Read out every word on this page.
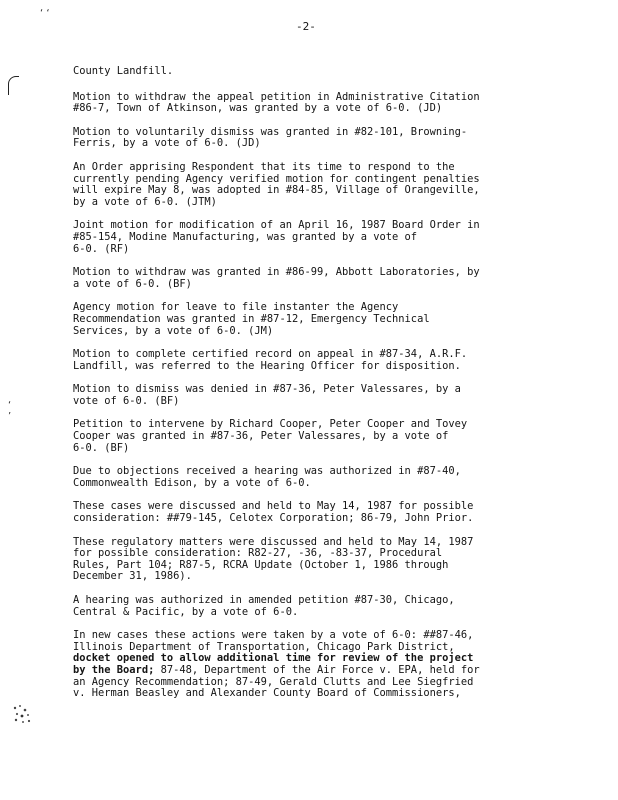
‘ ‘
‘
’
-2-

County Landfill.

Motion to withdraw the appeal petition in Administrative Citation
#86-7, Town of Atkinson, was granted by a vote of 6-0. (JD)

Motion to voluntarily dismiss was granted in #82-101, Browning-
Ferris, by a vote of 6-0. (JD)

An Order apprising Respondent that its time to respond to the
currently pending Agency verified motion for contingent penalties
will expire May 8, was adopted in #84-85, Village of Orangeville,
by a vote of 6-0. (JTM)

Joint motion for modification of an April 16, 1987 Board Order in
#85-154, Modine Manufacturing, was granted by a vote of
6-0. (RF)

Motion to withdraw was granted in #86-99, Abbott Laboratories, by
a vote of 6-0. (BF)

Agency motion for leave to file instanter the Agency
Recommendation was granted in #87-12, Emergency Technical
Services, by a vote of 6-0. (JM)

Motion to complete certified record on appeal in #87-34, A.R.F.
Landfill, was referred to the Hearing Officer for disposition.

Motion to dismiss was denied in #87-36, Peter Valessares, by a
vote of 6-0. (BF)

Petition to intervene by Richard Cooper, Peter Cooper and Tovey
Cooper was granted in #87-36, Peter Valessares, by a vote of
6-0. (BF)

Due to objections received a hearing was authorized in #87-40,
Commonwealth Edison, by a vote of 6-0.

These cases were discussed and held to May 14, 1987 for possible
consideration: ##79-145, Celotex Corporation; 86-79, John Prior.

These regulatory matters were discussed and held to May 14, 1987
for possible consideration: R82-27, -36, -83-37, Procedural
Rules, Part 104; R87-5, RCRA Update (October 1, 1986 through
December 31, 1986).

A hearing was authorized in amended petition #87-30, Chicago,
Central & Pacific, by a vote of 6-0.

In new cases these actions were taken by a vote of 6-0: ##87-46,
Illinois Department of Transportation, Chicago Park District,
docket opened to allow additional time for review of the project
by the Board; 87-48, Department of the Air Force v. EPA, held for
an Agency Recommendation; 87-49, Gerald Clutts and Lee Siegfried
v. Herman Beasley and Alexander County Board of Commissioners,
